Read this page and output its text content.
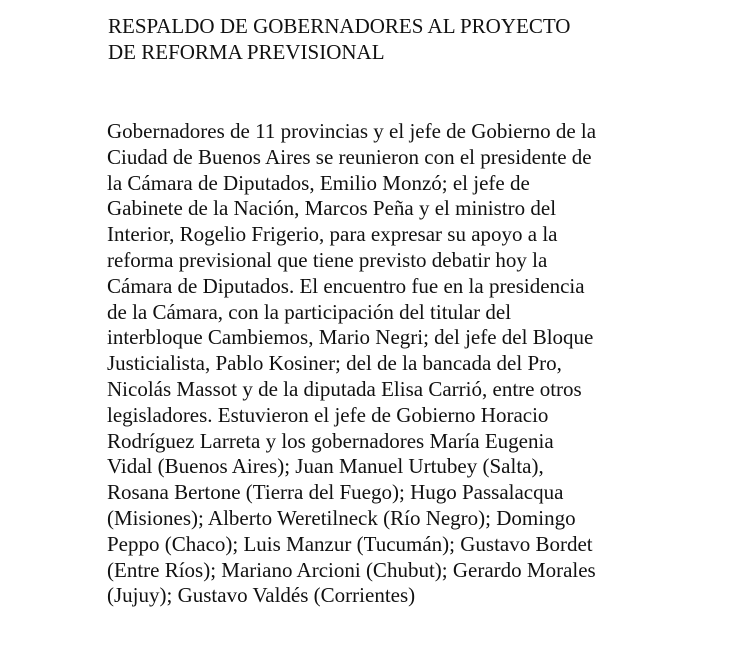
RESPALDO DE GOBERNADORES AL PROYECTO
DE REFORMA PREVISIONAL

Gobernadores de 11 provincias y el jefe de Gobierno de la
Ciudad de Buenos Aires se reunieron con el presidente de
la Cámara de Diputados, Emilio Monzó; el jefe de
Gabinete de la Nación, Marcos Peña y el ministro del
Interior, Rogelio Frigerio, para expresar su apoyo a la
reforma previsional que tiene previsto debatir hoy la
Cámara de Diputados. El encuentro fue en la presidencia
de la Cámara, con la participación del titular del
interbloque Cambiemos, Mario Negri; del jefe del Bloque
Justicialista, Pablo Kosiner; del de la bancada del Pro,
Nicolás Massot y de la diputada Elisa Carrió, entre otros
legisladores. Estuvieron el jefe de Gobierno Horacio
Rodríguez Larreta y los gobernadores María Eugenia
Vidal (Buenos Aires); Juan Manuel Urtubey (Salta),
Rosana Bertone (Tierra del Fuego); Hugo Passalacqua
(Misiones); Alberto Weretilneck (Río Negro); Domingo
Peppo (Chaco); Luis Manzur (Tucumán); Gustavo Bordet
(Entre Ríos); Mariano Arcioni (Chubut); Gerardo Morales
(Jujuy); Gustavo Valdés (Corrientes)
